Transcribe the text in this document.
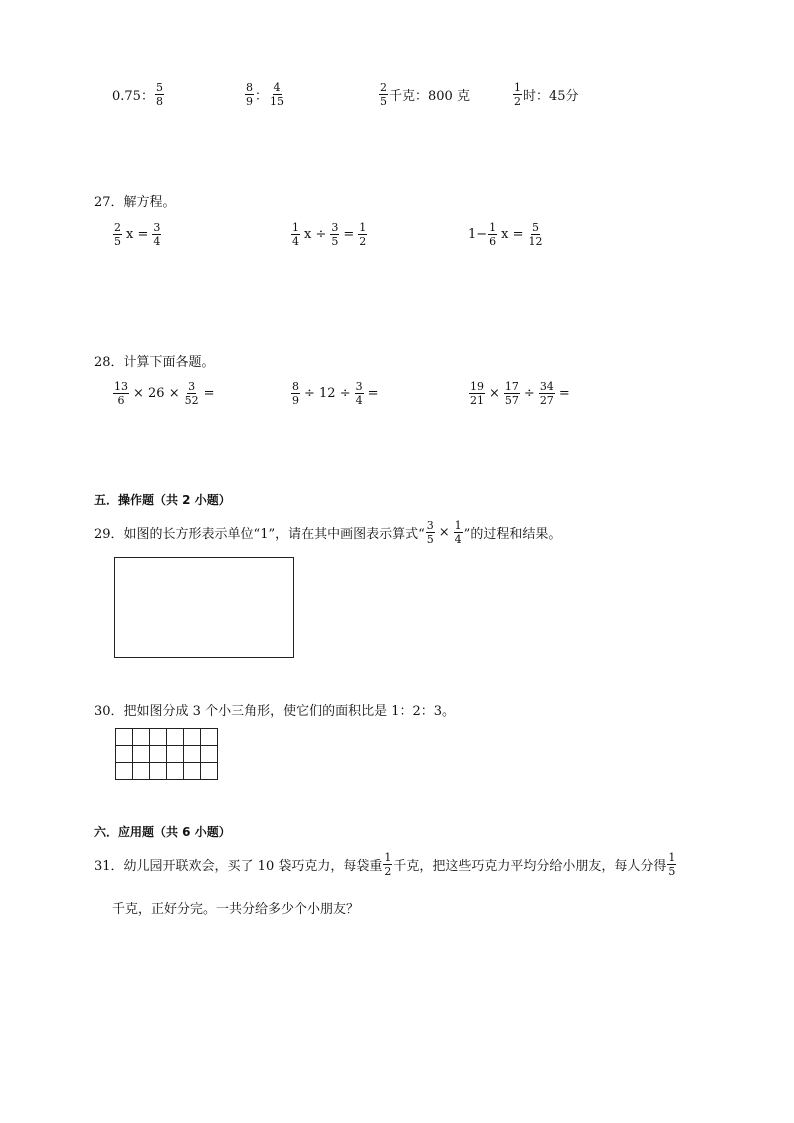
0.75： $\frac{5}{8}$	$\frac{8}{9}$ ： $\frac{4}{15}$	$\frac{2}{5}$ 千克：800 克	$\frac{1}{2}$ 时：45分
27．解方程。
$\frac{2}{5}$ $x = \frac{3}{4}$	$\frac{1}{4}$ $x \div \frac{3}{5} = \frac{1}{2}$	$1- \frac{1}{6}$ $x = \frac{5}{12}$
28．计算下面各题。
$\frac{13}{6} \times 26 \times \frac{3}{52}$ =	$\frac{8}{9} \div 12 \div \frac{3}{4}$ =	$\frac{19}{21} \times \frac{17}{57} \div \frac{34}{27}$ =
五．操作题（共 2 小题）
29．如图的长方形表示单位“1”，请在其中画图表示算式“ $\frac{3}{5} \times \frac{1}{4}$ ”的过程和结果。
30．把如图分成 3 个小三角形，使它们的面积比是 1：2：3。

六．应用题（共 6 小题）
31．幼儿园开联欢会，买了 10 袋巧克力，每袋重 $\frac{1}{2}$ 千克，把这些巧克力平均分给小朋友，每人分得 $\frac{1}{5}$
千克，正好分完。一共分给多少个小朋友？
